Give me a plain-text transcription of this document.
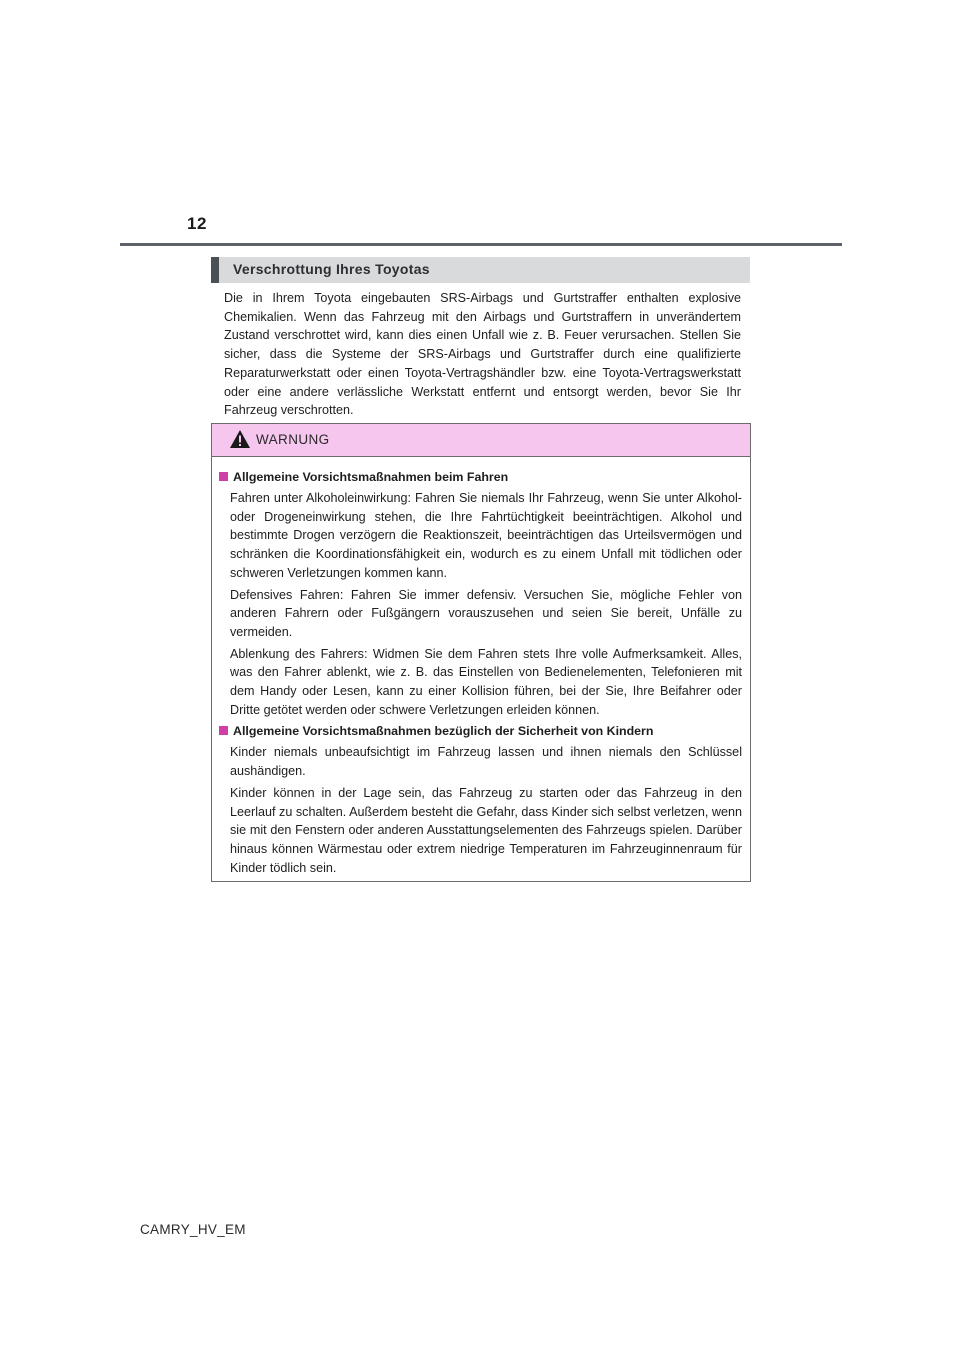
12
Verschrottung Ihres Toyotas

Die in Ihrem Toyota eingebauten SRS-Airbags und Gurtstraffer enthalten explosive Chemikalien. Wenn das Fahrzeug mit den Airbags und Gurtstraffern in unverändertem Zustand verschrottet wird, kann dies einen Unfall wie z. B. Feuer verursachen. Stellen Sie sicher, dass die Systeme der SRS-Airbags und Gurtstraffer durch eine qualifizierte Reparaturwerkstatt oder einen Toyota-Vertragshändler bzw. eine Toyota-Vertragswerkstatt oder eine andere verlässliche Werkstatt entfernt und entsorgt werden, bevor Sie Ihr Fahrzeug verschrotten.

WARNUNG
Allgemeine Vorsichtsmaßnahmen beim Fahren

Fahren unter Alkoholeinwirkung: Fahren Sie niemals Ihr Fahrzeug, wenn Sie unter Alkohol- oder Drogeneinwirkung stehen, die Ihre Fahrtüchtigkeit beeinträchtigen. Alkohol und bestimmte Drogen verzögern die Reaktionszeit, beeinträchtigen das Urteilsvermögen und schränken die Koordinationsfähigkeit ein, wodurch es zu einem Unfall mit tödlichen oder schweren Verletzungen kommen kann.

Defensives Fahren: Fahren Sie immer defensiv. Versuchen Sie, mögliche Fehler von anderen Fahrern oder Fußgängern vorauszusehen und seien Sie bereit, Unfälle zu vermeiden.

Ablenkung des Fahrers: Widmen Sie dem Fahren stets Ihre volle Aufmerksamkeit. Alles, was den Fahrer ablenkt, wie z. B. das Einstellen von Bedienelementen, Telefonieren mit dem Handy oder Lesen, kann zu einer Kollision führen, bei der Sie, Ihre Beifahrer oder Dritte getötet werden oder schwere Verletzungen erleiden können.

Allgemeine Vorsichtsmaßnahmen bezüglich der Sicherheit von Kindern

Kinder niemals unbeaufsichtigt im Fahrzeug lassen und ihnen niemals den Schlüssel aushändigen.

Kinder können in der Lage sein, das Fahrzeug zu starten oder das Fahrzeug in den Leerlauf zu schalten. Außerdem besteht die Gefahr, dass Kinder sich selbst verletzen, wenn sie mit den Fenstern oder anderen Ausstattungselementen des Fahrzeugs spielen. Darüber hinaus können Wärmestau oder extrem niedrige Temperaturen im Fahrzeuginnenraum für Kinder tödlich sein.

CAMRY_HV_EM
